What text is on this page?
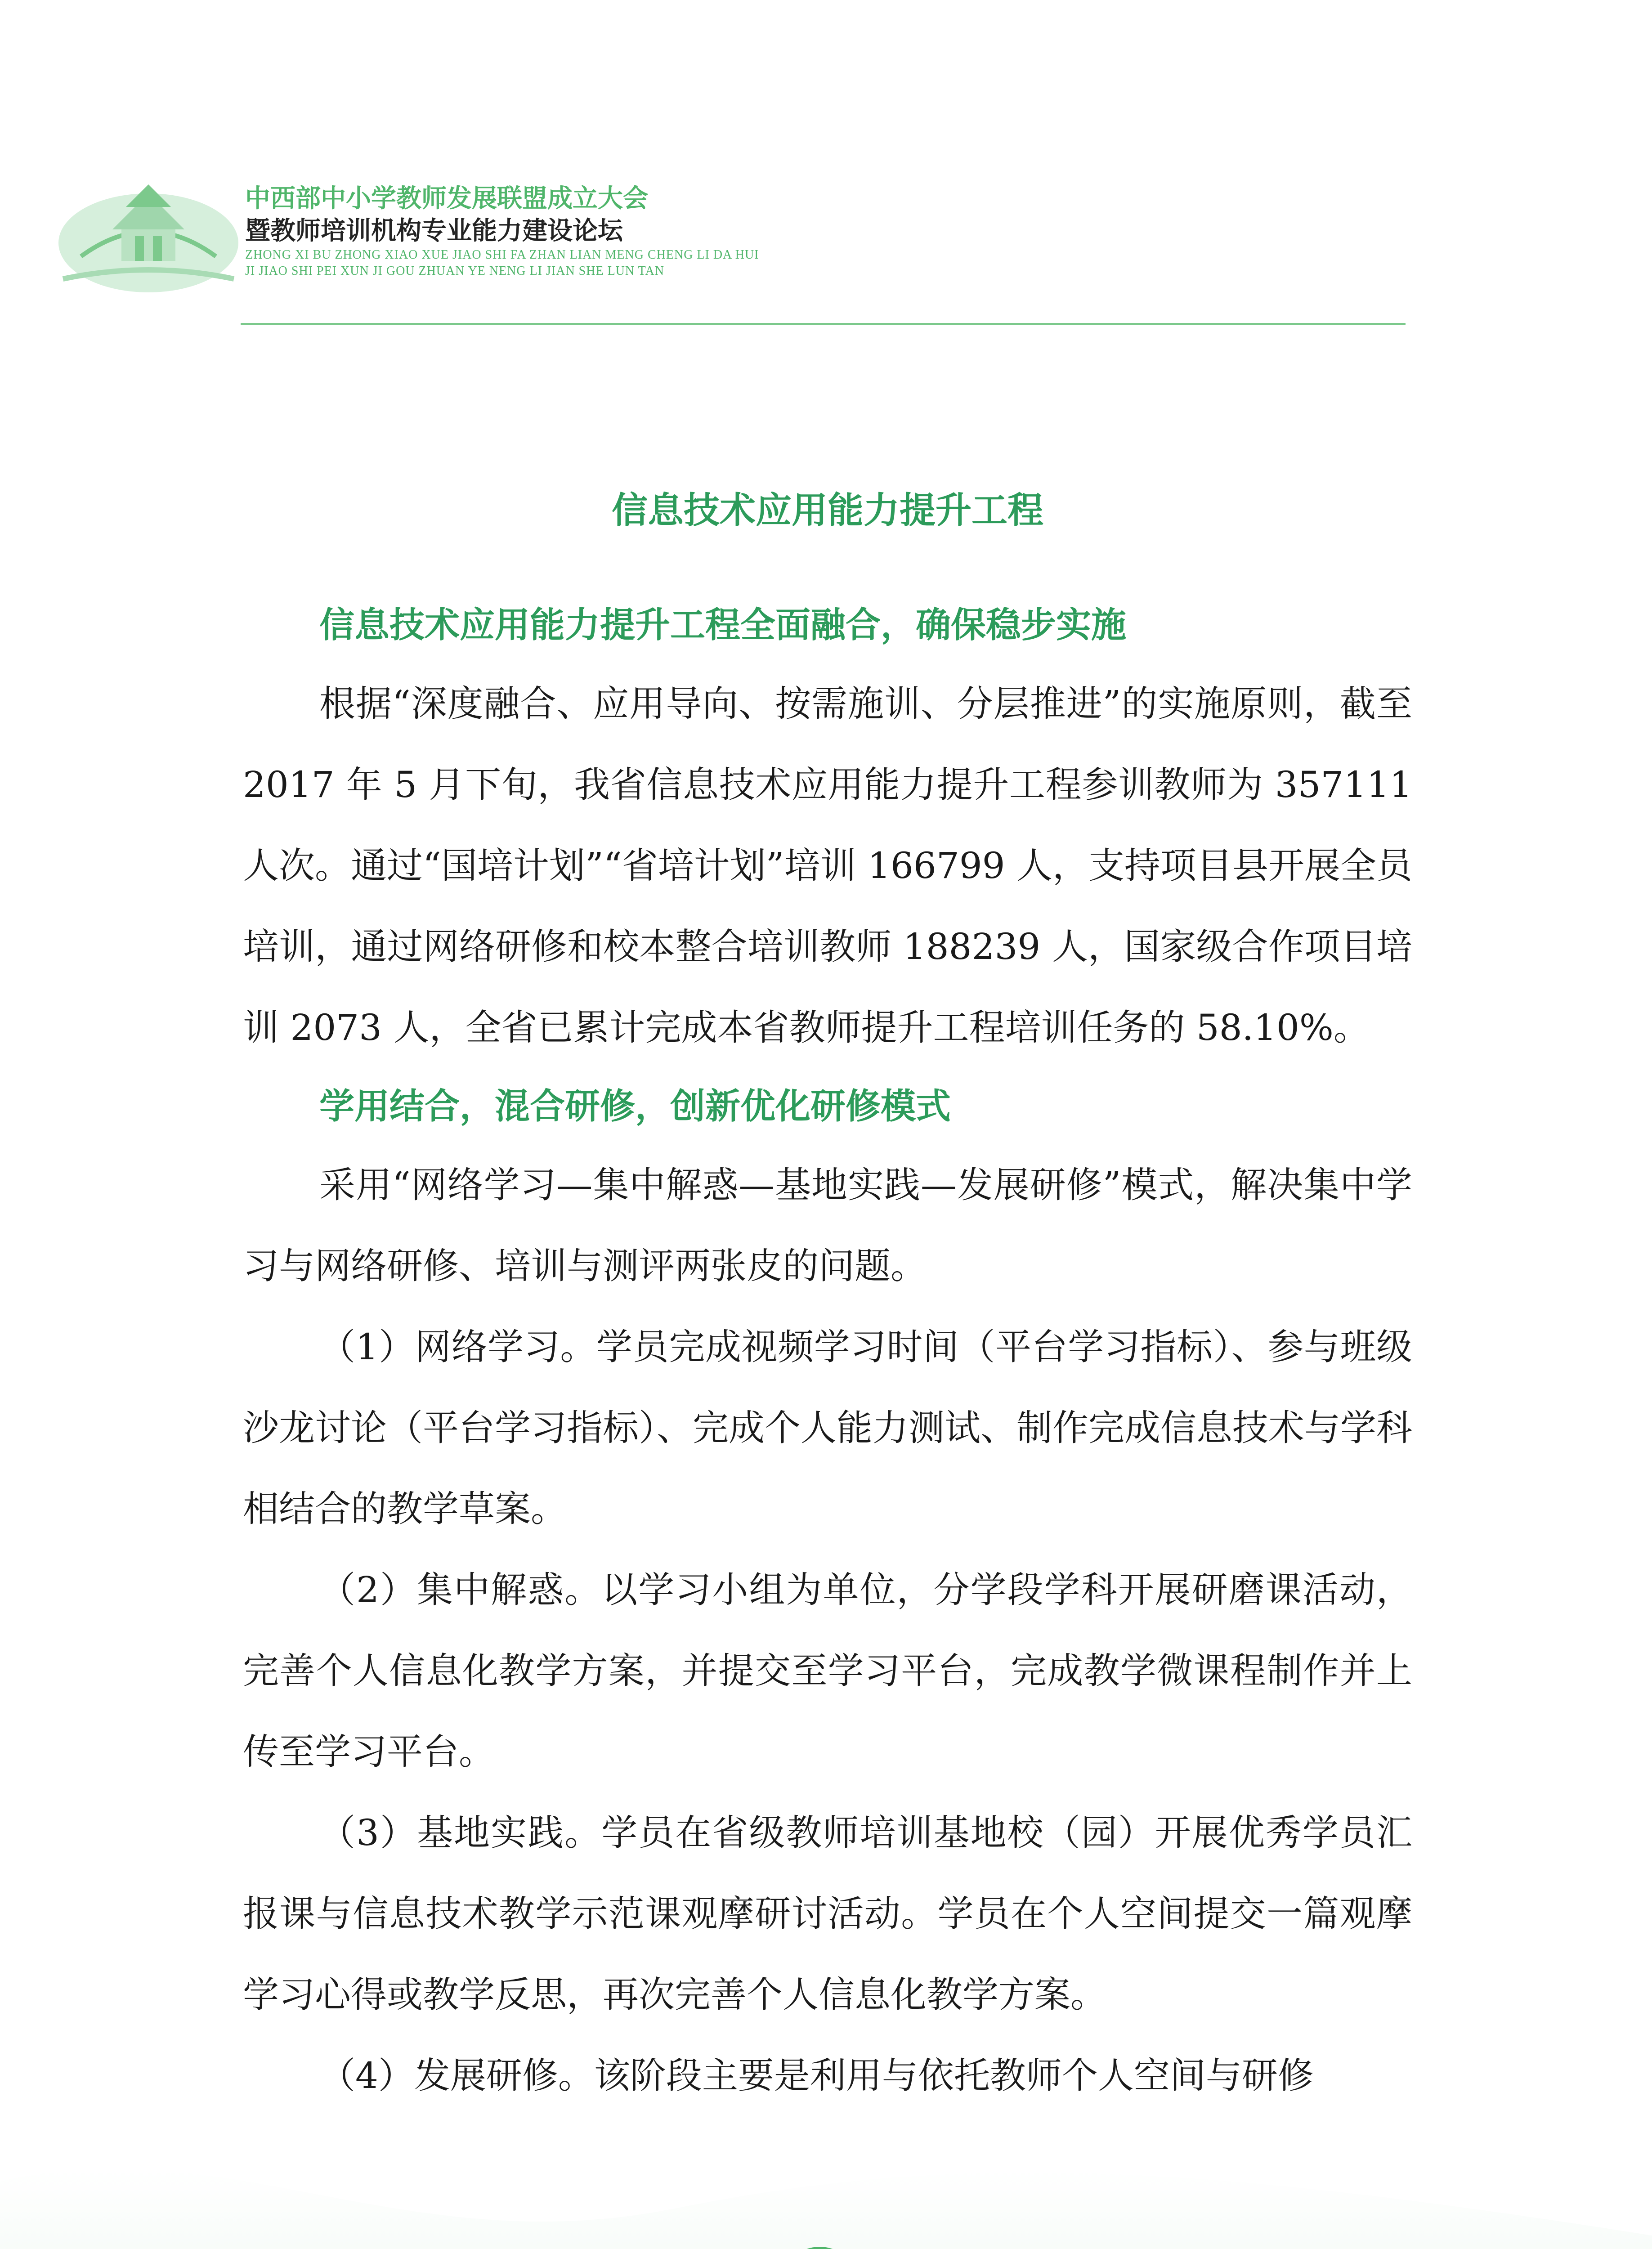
中西部中小学教师发展联盟成立大会
暨教师培训机构专业能力建设论坛
ZHONG XI BU ZHONG XIAO XUE JIAO SHI FA ZHAN LIAN MENG CHENG LI DA HUI
JI JIAO SHI PEI XUN JI GOU ZHUAN YE NENG LI JIAN SHE LUN TAN
信息技术应用能力提升工程
信息技术应用能力提升工程全面融合，确保稳步实施

根据“深度融合、应用导向、按需施训、分层推进”的实施原则，截至 2017 年 5 月下旬，我省信息技术应用能力提升工程参训教师为 357111 人次。通过“国培计划”“省培计划”培训 166799 人，支持项目县开展全员培训，通过网络研修和校本整合培训教师 188239 人，国家级合作项目培训 2073 人，全省已累计完成本省教师提升工程培训任务的 58.10%。

学用结合，混合研修，创新优化研修模式

采用“网络学习—集中解惑—基地实践—发展研修”模式，解决集中学习与网络研修、培训与测评两张皮的问题。

（1）网络学习。学员完成视频学习时间（平台学习指标）、参与班级沙龙讨论（平台学习指标）、完成个人能力测试、制作完成信息技术与学科相结合的教学草案。

（2）集中解惑。以学习小组为单位，分学段学科开展研磨课活动，完善个人信息化教学方案，并提交至学习平台，完成教学微课程制作并上传至学习平台。

（3）基地实践。学员在省级教师培训基地校（园）开展优秀学员汇报课与信息技术教学示范课观摩研讨活动。学员在个人空间提交一篇观摩学习心得或教学反思，再次完善个人信息化教学方案。

（4）发展研修。该阶段主要是利用与依托教师个人空间与研修
